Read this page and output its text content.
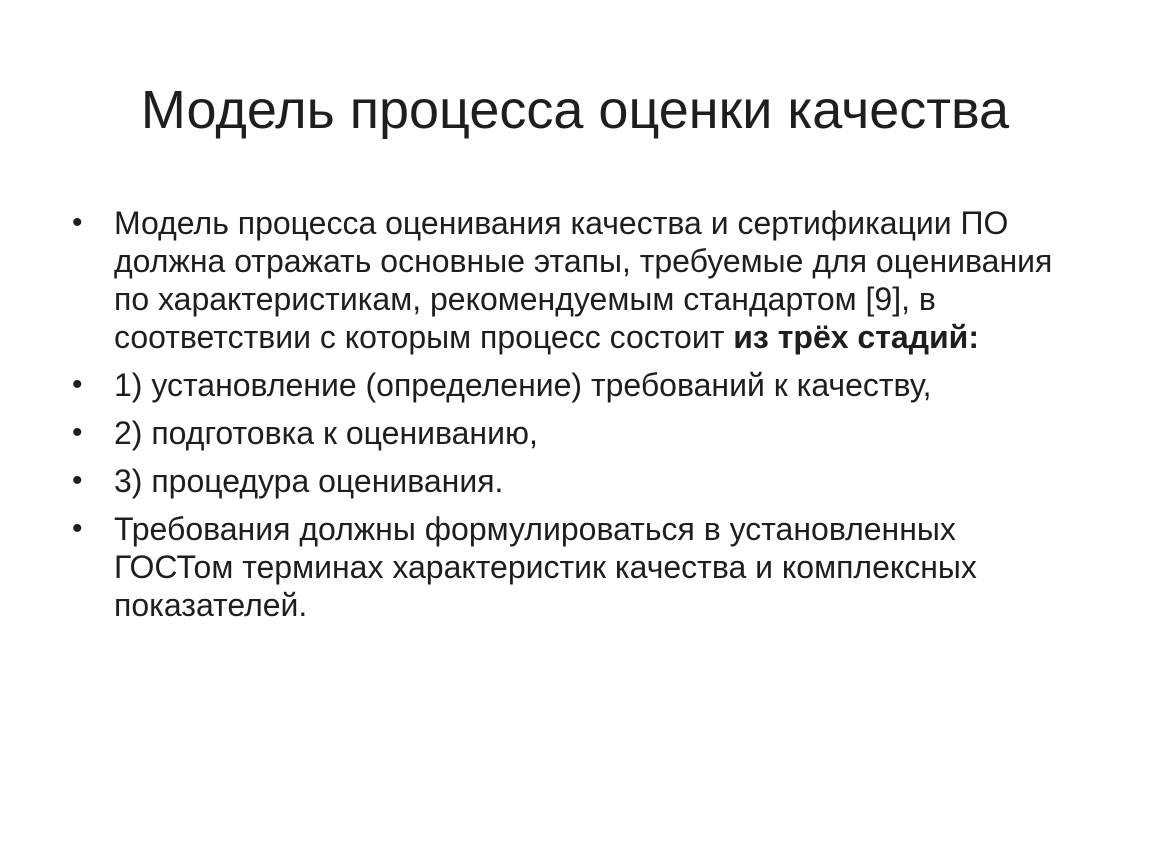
Модель процесса оценки качества
• Модель процесса оценивания качества и сертификации ПО должна отражать основные этапы, требуемые для оценивания по характеристикам, рекомендуемым стандартом [9], в соответствии с которым процесс состоит из трёх стадий:
• 1) установление (определение) требований к качеству,
• 2) подготовка к оцениванию,
• 3) процедура оценивания.
• Требования должны формулироваться в установленных ГОСТом терминах характеристик качества и комплексных показателей.
